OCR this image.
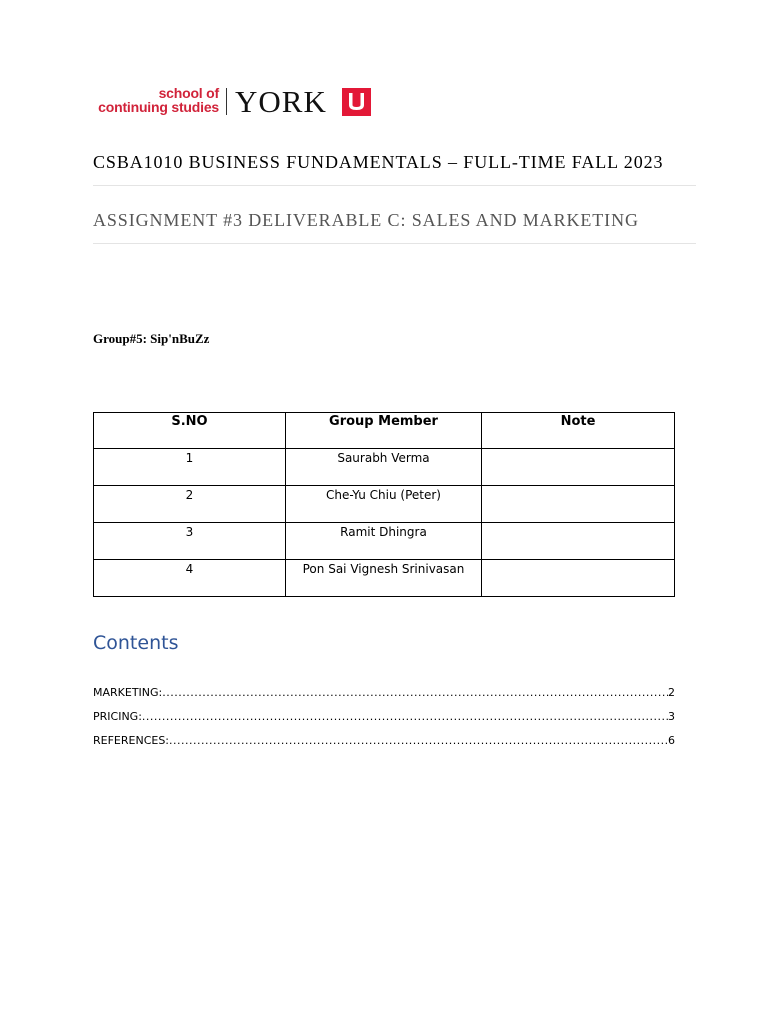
school of
continuing studies YORK
CSBA1010 BUSINESS FUNDAMENTALS – FULL-TIME FALL 2023
ASSIGNMENT #3 DELIVERABLE C: SALES AND MARKETING
Group#5: Sip'nBuZz
S.NO	Group Member	Note
1	Saurabh Verma	
2	Che-Yu Chiu (Peter)	
3	Ramit Dhingra	
4	Pon Sai Vignesh Srinivasan	
Contents
MARKETING: .....	2
PRICING: .....	3
REFERENCES: .....	6
